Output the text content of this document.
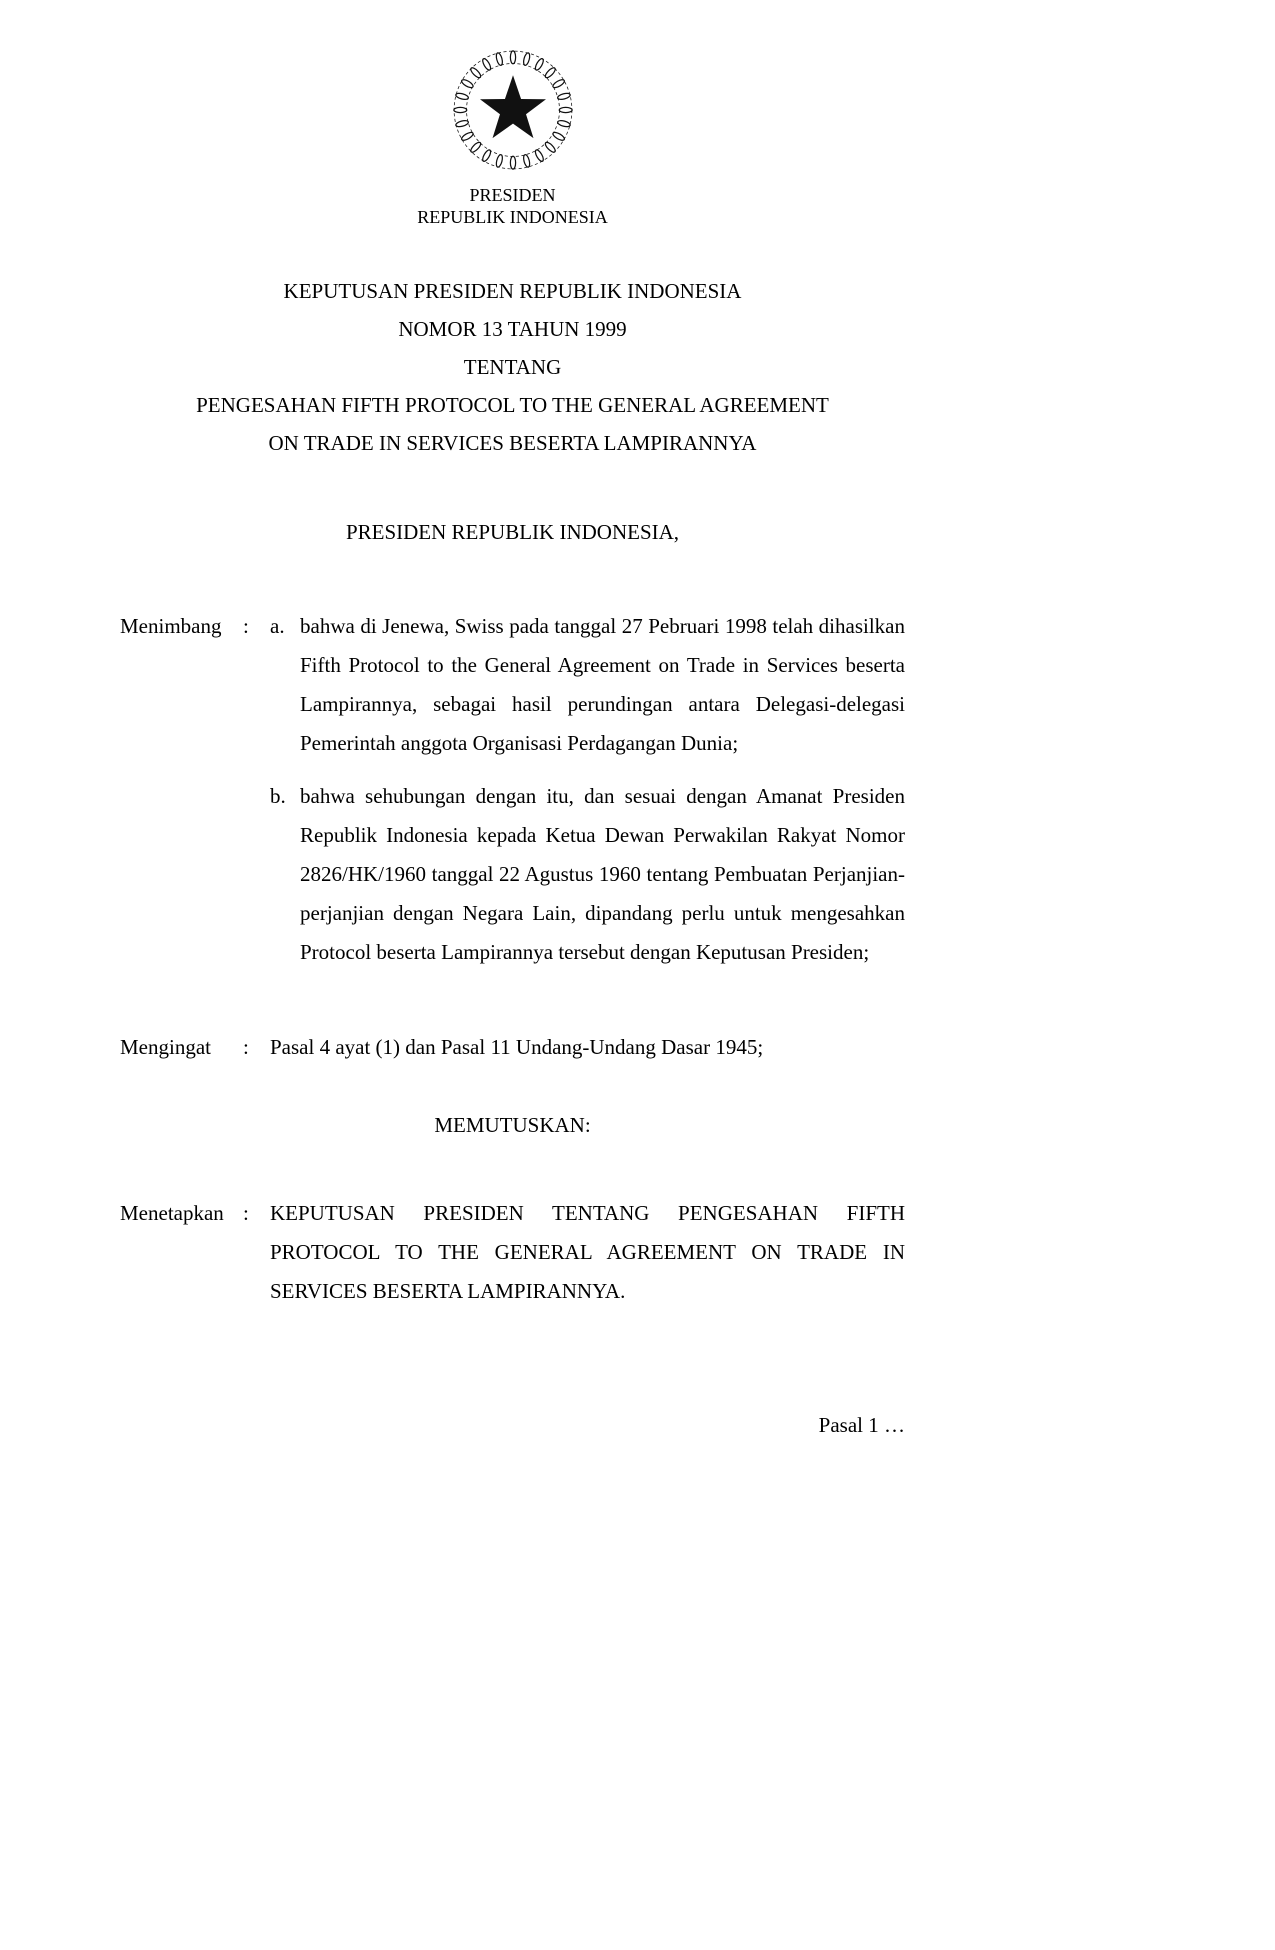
PRESIDEN
REPUBLIK INDONESIA
KEPUTUSAN PRESIDEN REPUBLIK INDONESIA
NOMOR 13 TAHUN 1999
TENTANG
PENGESAHAN FIFTH PROTOCOL TO THE GENERAL AGREEMENT
ON TRADE IN SERVICES BESERTA LAMPIRANNYA
PRESIDEN REPUBLIK INDONESIA,
Menimbang	:	a. bahwa di Jenewa, Swiss pada tanggal 27 Pebruari 1998 telah dihasilkan Fifth Protocol to the General Agreement on Trade in Services beserta Lampirannya, sebagai hasil perundingan antara Delegasi-delegasi Pemerintah anggota Organisasi Perdagangan Dunia;
b. bahwa sehubungan dengan itu, dan sesuai dengan Amanat Presiden Republik Indonesia kepada Ketua Dewan Perwakilan Rakyat Nomor 2826/HK/1960 tanggal 22 Agustus 1960 tentang Pembuatan Perjanjian-perjanjian dengan Negara Lain, dipandang perlu untuk mengesahkan Protocol beserta Lampirannya tersebut dengan Keputusan Presiden;
Mengingat	:	Pasal 4 ayat (1) dan Pasal 11 Undang-Undang Dasar 1945;
MEMUTUSKAN:
Menetapkan :	KEPUTUSAN PRESIDEN TENTANG PENGESAHAN FIFTH PROTOCOL TO THE GENERAL AGREEMENT ON TRADE IN SERVICES BESERTA LAMPIRANNYA.
Pasal 1 …
